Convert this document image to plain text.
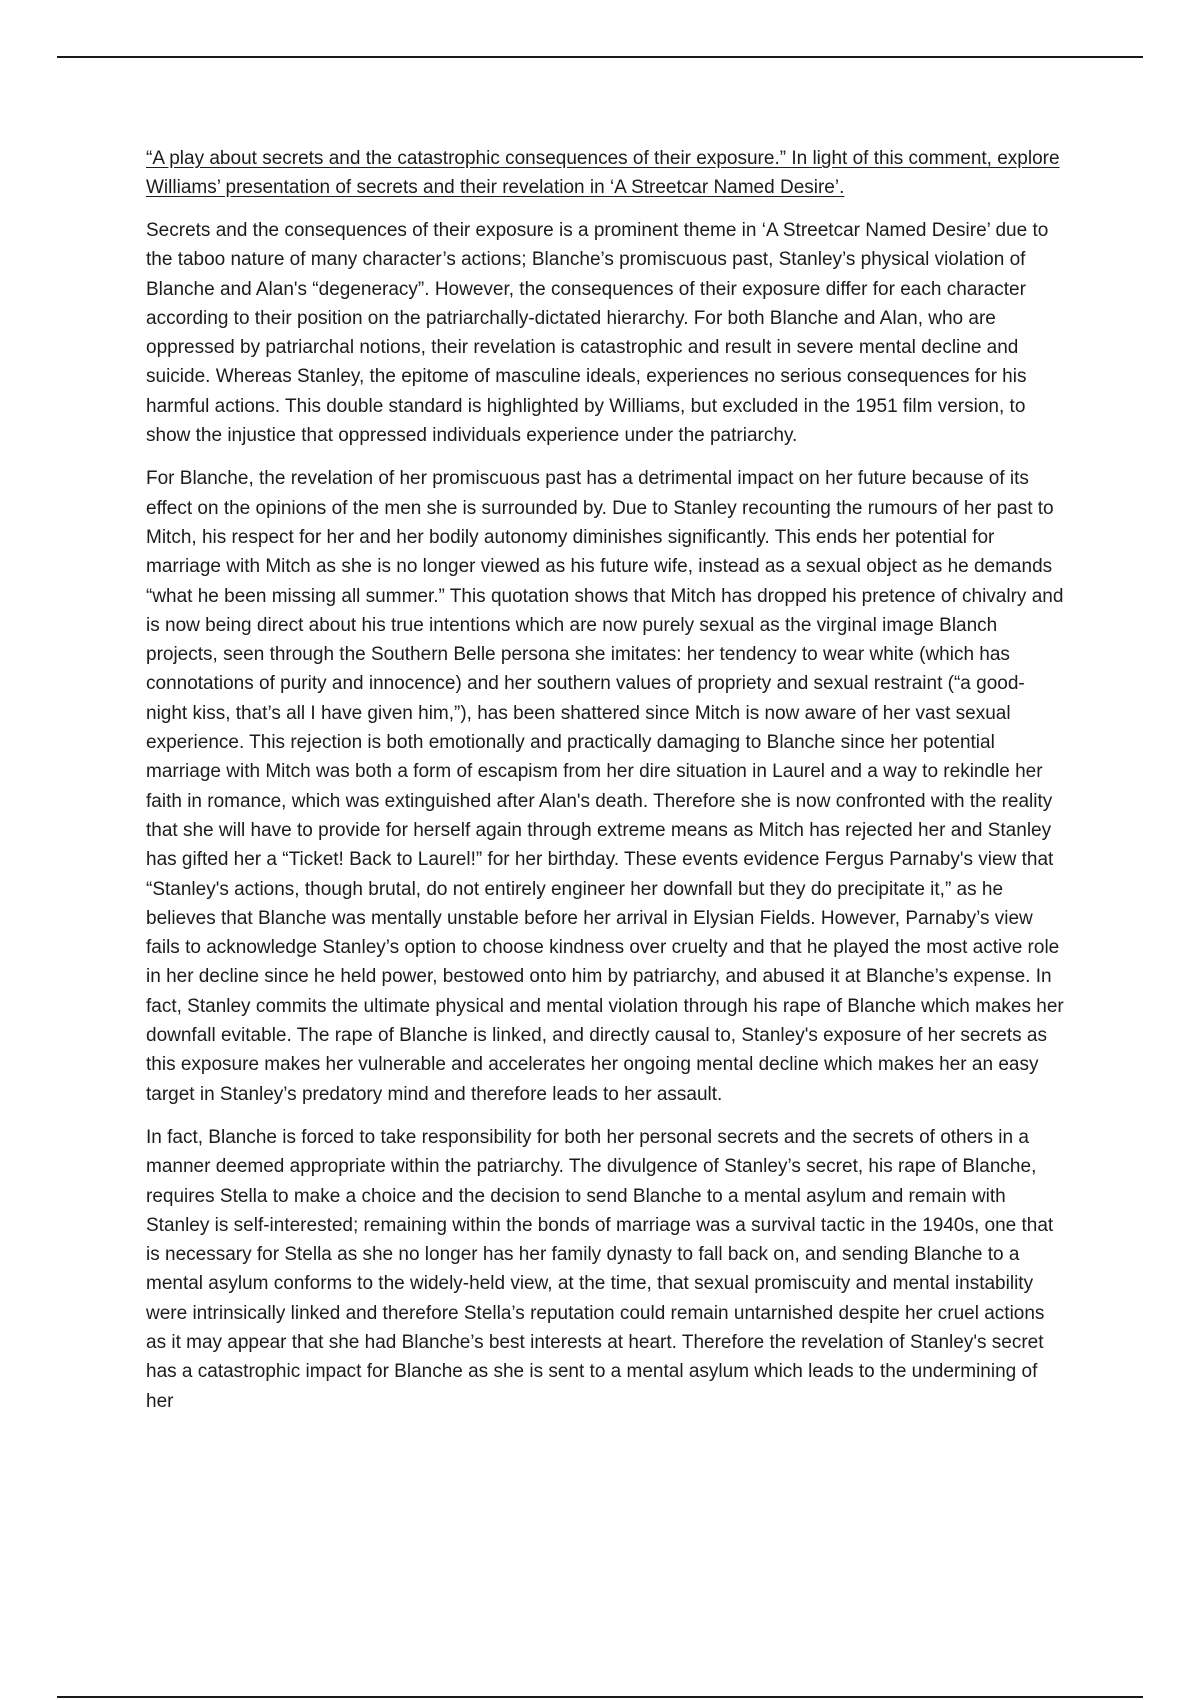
“A play about secrets and the catastrophic consequences of their exposure.” In light of this comment, explore Williams’ presentation of secrets and their revelation in ‘A Streetcar Named Desire’.

Secrets and the consequences of their exposure is a prominent theme in ‘A Streetcar Named Desire’ due to the taboo nature of many character’s actions; Blanche’s promiscuous past, Stanley’s physical violation of Blanche and Alan's “degeneracy”. However, the consequences of their exposure differ for each character according to their position on the patriarchally-dictated hierarchy. For both Blanche and Alan, who are oppressed by patriarchal notions, their revelation is catastrophic and result in severe mental decline and suicide. Whereas Stanley, the epitome of masculine ideals, experiences no serious consequences for his harmful actions. This double standard is highlighted by Williams, but excluded in the 1951 film version, to show the injustice that oppressed individuals experience under the patriarchy.

For Blanche, the revelation of her promiscuous past has a detrimental impact on her future because of its effect on the opinions of the men she is surrounded by. Due to Stanley recounting the rumours of her past to Mitch, his respect for her and her bodily autonomy diminishes significantly. This ends her potential for marriage with Mitch as she is no longer viewed as his future wife, instead as a sexual object as he demands “what he been missing all summer.” This quotation shows that Mitch has dropped his pretence of chivalry and is now being direct about his true intentions which are now purely sexual as the virginal image Blanch projects, seen through the Southern Belle persona she imitates: her tendency to wear white (which has connotations of purity and innocence) and her southern values of propriety and sexual restraint (“a good-night kiss, that’s all I have given him,”), has been shattered since Mitch is now aware of her vast sexual experience. This rejection is both emotionally and practically damaging to Blanche since her potential marriage with Mitch was both a form of escapism from her dire situation in Laurel and a way to rekindle her faith in romance, which was extinguished after Alan's death. Therefore she is now confronted with the reality that she will have to provide for herself again through extreme means as Mitch has rejected her and Stanley has gifted her a “Ticket! Back to Laurel!” for her birthday. These events evidence Fergus Parnaby's view that “Stanley's actions, though brutal, do not entirely engineer her downfall but they do precipitate it,” as he believes that Blanche was mentally unstable before her arrival in Elysian Fields. However, Parnaby’s view fails to acknowledge Stanley’s option to choose kindness over cruelty and that he played the most active role in her decline since he held power, bestowed onto him by patriarchy, and abused it at Blanche’s expense. In fact, Stanley commits the ultimate physical and mental violation through his rape of Blanche which makes her downfall evitable. The rape of Blanche is linked, and directly causal to, Stanley's exposure of her secrets as this exposure makes her vulnerable and accelerates her ongoing mental decline which makes her an easy target in Stanley’s predatory mind and therefore leads to her assault.

In fact, Blanche is forced to take responsibility for both her personal secrets and the secrets of others in a manner deemed appropriate within the patriarchy. The divulgence of Stanley’s secret, his rape of Blanche, requires Stella to make a choice and the decision to send Blanche to a mental asylum and remain with Stanley is self-interested; remaining within the bonds of marriage was a survival tactic in the 1940s, one that is necessary for Stella as she no longer has her family dynasty to fall back on, and sending Blanche to a mental asylum conforms to the widely-held view, at the time, that sexual promiscuity and mental instability were intrinsically linked and therefore Stella’s reputation could remain untarnished despite her cruel actions as it may appear that she had Blanche’s best interests at heart. Therefore the revelation of Stanley's secret has a catastrophic impact for Blanche as she is sent to a mental asylum which leads to the undermining of her
